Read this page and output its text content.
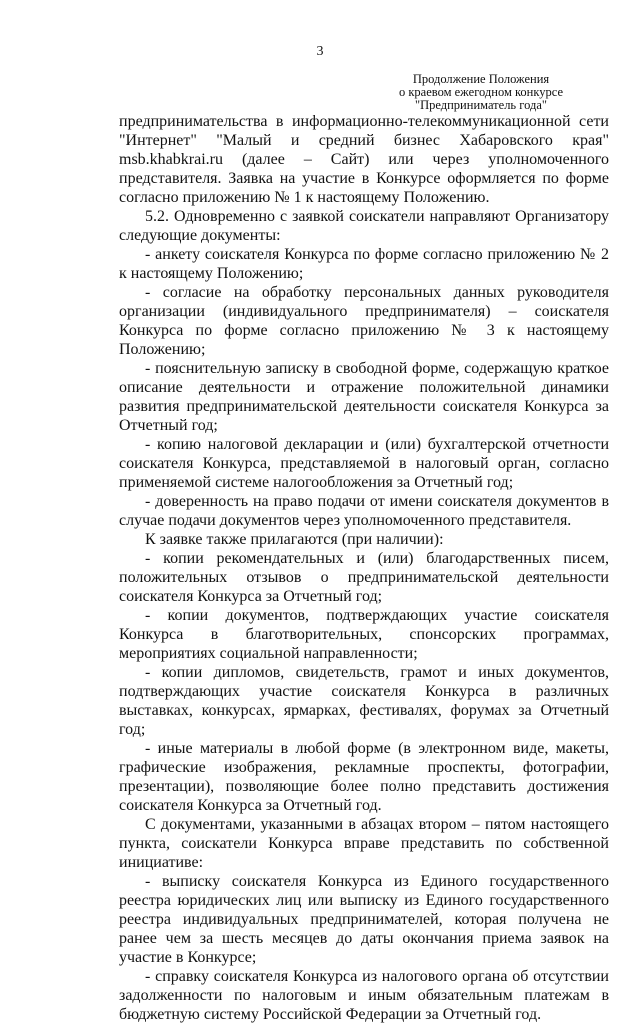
3
Продолжение Положения
о краевом ежегодном конкурсе
"Предприниматель года"

предпринимательства в информационно-телекоммуникационной сети "Интернет" "Малый и средний бизнес Хабаровского края" msb.khabkrai.ru (далее – Сайт) или через уполномоченного представителя. Заявка на участие в Конкурсе оформляется по форме согласно приложению № 1 к настоящему Положению.

5.2. Одновременно с заявкой соискатели направляют Организатору следующие документы:

- анкету соискателя Конкурса по форме согласно приложению № 2 к настоящему Положению;

- согласие на обработку персональных данных руководителя организации (индивидуального предпринимателя) – соискателя Конкурса по форме согласно приложению № 3 к настоящему Положению;

- пояснительную записку в свободной форме, содержащую краткое описание деятельности и отражение положительной динамики развития предпринимательской деятельности соискателя Конкурса за Отчетный год;

- копию налоговой декларации и (или) бухгалтерской отчетности соискателя Конкурса, представляемой в налоговый орган, согласно применяемой системе налогообложения за Отчетный год;

- доверенность на право подачи от имени соискателя документов в случае подачи документов через уполномоченного представителя.

К заявке также прилагаются (при наличии):

- копии рекомендательных и (или) благодарственных писем, положительных отзывов о предпринимательской деятельности соискателя Конкурса за Отчетный год;

- копии документов, подтверждающих участие соискателя Конкурса в благотворительных, спонсорских программах, мероприятиях социальной направленности;

- копии дипломов, свидетельств, грамот и иных документов, подтверждающих участие соискателя Конкурса в различных выставках, конкурсах, ярмарках, фестивалях, форумах за Отчетный год;

- иные материалы в любой форме (в электронном виде, макеты, графические изображения, рекламные проспекты, фотографии, презентации), позволяющие более полно представить достижения соискателя Конкурса за Отчетный год.

С документами, указанными в абзацах втором – пятом настоящего пункта, соискатели Конкурса вправе представить по собственной инициативе:

- выписку соискателя Конкурса из Единого государственного реестра юридических лиц или выписку из Единого государственного реестра индивидуальных предпринимателей, которая получена не ранее чем за шесть месяцев до даты окончания приема заявок на участие в Конкурсе;

- справку соискателя Конкурса из налогового органа об отсутствии задолженности по налоговым и иным обязательным платежам в бюджетную систему Российской Федерации за Отчетный год.
